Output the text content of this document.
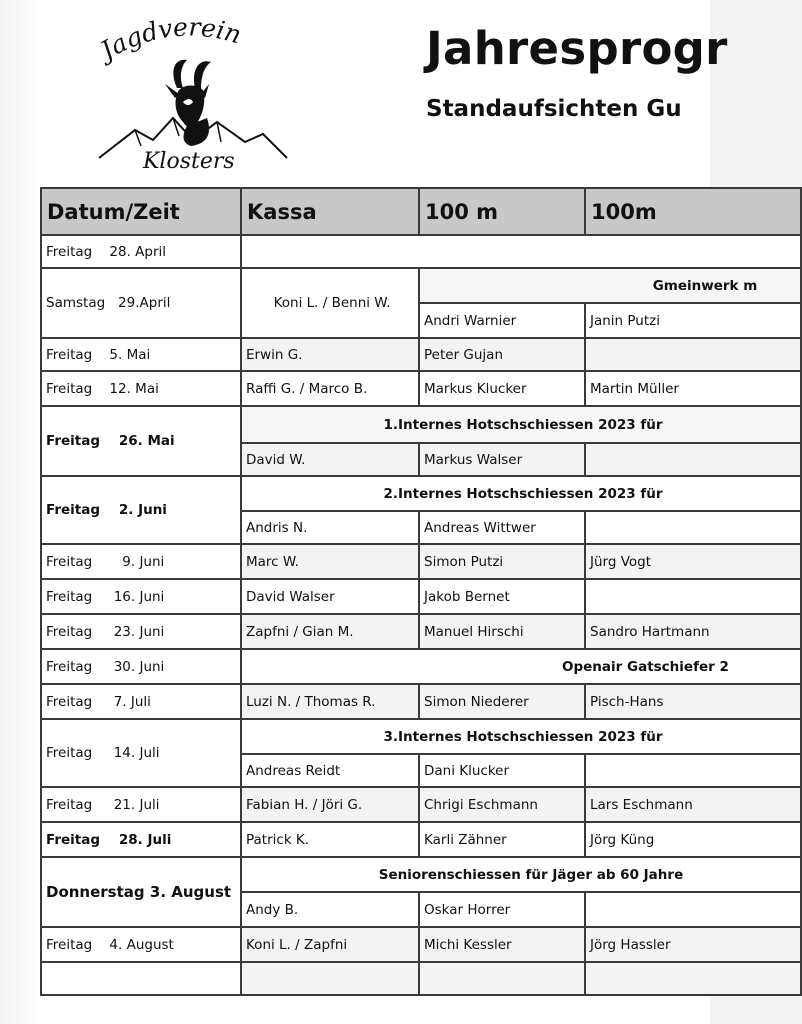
Jagdverein
Klosters
Jahresprogr
Standaufsichten Gu
Datum/Zeit	Kassa	100 m	100m
Freitag 28. April			
Samstag 29.April	Koni L. / Benni W.	Gmeinwerk m	
		Andri Warnier	Janin Putzi
Freitag 5. Mai	Erwin G.	Peter Gujan	
Freitag 12. Mai	Raffi G. / Marco B.	Markus Klucker	Martin Müller
Freitag 26. Mai	1.Internes Hotschschiessen 2023 für		
	David W.	Markus Walser	
Freitag 2. Juni	2.Internes Hotschschiessen 2023 für		
	Andris N.	Andreas Wittwer	
Freitag 9. Juni	Marc W.	Simon Putzi	Jürg Vogt
Freitag 16. Juni	David Walser	Jakob Bernet	
Freitag 23. Juni	Zapfni / Gian M.	Manuel Hirschi	Sandro Hartmann
Freitag 30. Juni	Openair Gatschiefer 2		
Freitag 7. Juli	Luzi N. / Thomas R.	Simon Niederer	Pisch-Hans
Freitag 14. Juli	3.Internes Hotschschiessen 2023 für		
	Andreas Reidt	Dani Klucker	
Freitag 21. Juli	Fabian H. / Jöri G.	Chrigi Eschmann	Lars Eschmann
Freitag 28. Juli	Patrick K.	Karli Zähner	Jörg Küng
Donnerstag 3. August	Seniorenschiessen für Jäger ab 60 Jahre		
	Andy B.	Oskar Horrer	
Freitag 4. August	Koni L. / Zapfni	Michi Kessler	Jörg Hassler
